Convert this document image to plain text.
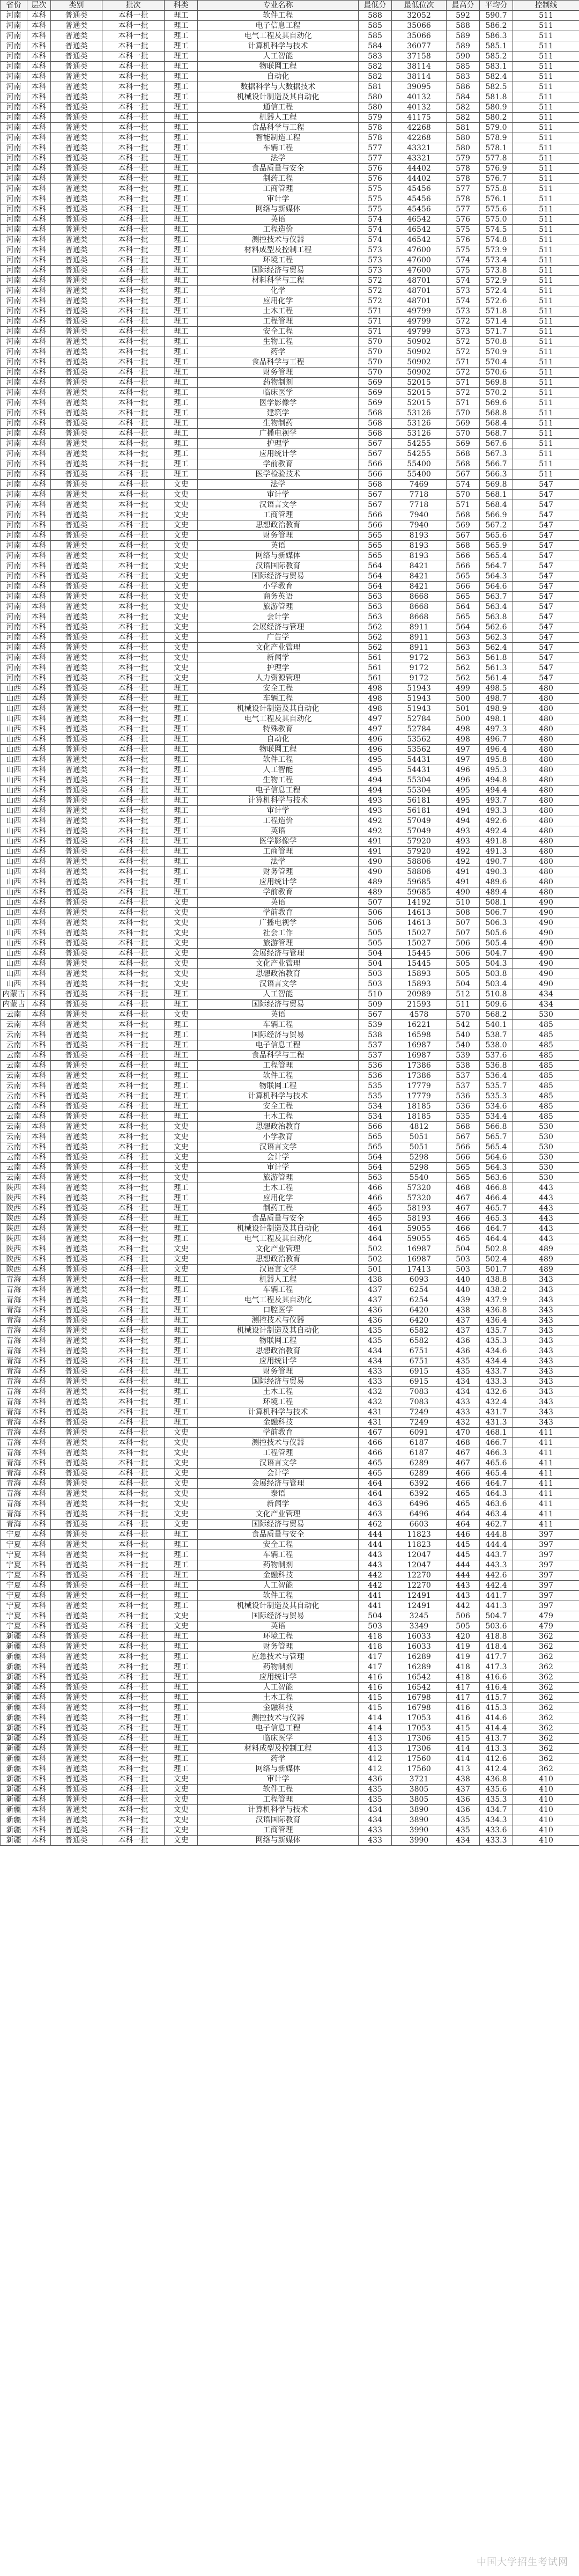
省份	层次	类别	批次	科类	专业名称	最低分	最低位次	最高分	平均分	控制线
河南	本科	普通类	本科一批	理工	软件工程	588	32052	592	590.7	511
河南	本科	普通类	本科一批	理工	电子信息工程	585	35066	588	586.2	511
河南	本科	普通类	本科一批	理工	电气工程及其自动化	585	35066	589	586.3	511
河南	本科	普通类	本科一批	理工	计算机科学与技术	584	36077	589	585.1	511
河南	本科	普通类	本科一批	理工	人工智能	583	37158	590	585.2	511
河南	本科	普通类	本科一批	理工	物联网工程	582	38114	585	583.1	511
河南	本科	普通类	本科一批	理工	自动化	582	38114	583	582.4	511
河南	本科	普通类	本科一批	理工	数据科学与大数据技术	581	39095	586	582.5	511
河南	本科	普通类	本科一批	理工	机械设计制造及其自动化	580	40132	584	581.8	511
河南	本科	普通类	本科一批	理工	通信工程	580	40132	582	580.9	511
河南	本科	普通类	本科一批	理工	机器人工程	579	41175	582	580.2	511
河南	本科	普通类	本科一批	理工	食品科学与工程	578	42268	581	579.0	511
河南	本科	普通类	本科一批	理工	智能制造工程	578	42268	580	578.9	511
河南	本科	普通类	本科一批	理工	车辆工程	577	43321	580	578.1	511
河南	本科	普通类	本科一批	理工	法学	577	43321	579	577.8	511
河南	本科	普通类	本科一批	理工	食品质量与安全	576	44402	578	576.9	511
河南	本科	普通类	本科一批	理工	制药工程	576	44402	578	576.7	511
河南	本科	普通类	本科一批	理工	工商管理	575	45456	577	575.8	511
河南	本科	普通类	本科一批	理工	审计学	575	45456	578	576.1	511
河南	本科	普通类	本科一批	理工	网络与新媒体	575	45456	577	575.6	511
河南	本科	普通类	本科一批	理工	英语	574	46542	576	575.0	511
河南	本科	普通类	本科一批	理工	工程造价	574	46542	575	574.5	511
河南	本科	普通类	本科一批	理工	测控技术与仪器	574	46542	576	574.8	511
河南	本科	普通类	本科一批	理工	材料成型及控制工程	573	47600	575	573.9	511
河南	本科	普通类	本科一批	理工	环境工程	573	47600	574	573.4	511
河南	本科	普通类	本科一批	理工	国际经济与贸易	573	47600	575	573.8	511
河南	本科	普通类	本科一批	理工	材料科学与工程	572	48701	574	572.9	511
河南	本科	普通类	本科一批	理工	化学	572	48701	573	572.4	511
河南	本科	普通类	本科一批	理工	应用化学	572	48701	574	572.6	511
河南	本科	普通类	本科一批	理工	土木工程	571	49799	573	571.8	511
河南	本科	普通类	本科一批	理工	工程管理	571	49799	572	571.4	511
河南	本科	普通类	本科一批	理工	安全工程	571	49799	573	571.7	511
河南	本科	普通类	本科一批	理工	生物工程	570	50902	572	570.8	511
河南	本科	普通类	本科一批	理工	药学	570	50902	572	570.9	511
河南	本科	普通类	本科一批	理工	食品科学与工程	570	50902	571	570.4	511
河南	本科	普通类	本科一批	理工	财务管理	570	50902	572	570.6	511
河南	本科	普通类	本科一批	理工	药物制剂	569	52015	571	569.8	511
河南	本科	普通类	本科一批	理工	临床医学	569	52015	572	570.2	511
河南	本科	普通类	本科一批	理工	医学影像学	569	52015	571	569.6	511
河南	本科	普通类	本科一批	理工	建筑学	568	53126	570	568.8	511
河南	本科	普通类	本科一批	理工	生物制药	568	53126	569	568.4	511
河南	本科	普通类	本科一批	理工	广播电视学	568	53126	570	568.7	511
河南	本科	普通类	本科一批	理工	护理学	567	54255	569	567.6	511
河南	本科	普通类	本科一批	理工	应用统计学	567	54255	568	567.3	511
河南	本科	普通类	本科一批	理工	学前教育	566	55400	568	566.7	511
河南	本科	普通类	本科一批	理工	医学检验技术	566	55400	567	566.3	511
河南	本科	普通类	本科一批	文史	法学	568	7469	574	569.8	547
河南	本科	普通类	本科一批	文史	审计学	567	7718	570	568.1	547
河南	本科	普通类	本科一批	文史	汉语言文学	567	7718	571	568.4	547
河南	本科	普通类	本科一批	文史	工商管理	566	7940	568	566.9	547
河南	本科	普通类	本科一批	文史	思想政治教育	566	7940	569	567.2	547
河南	本科	普通类	本科一批	文史	财务管理	565	8193	567	565.6	547
河南	本科	普通类	本科一批	文史	英语	565	8193	568	565.9	547
河南	本科	普通类	本科一批	文史	网络与新媒体	565	8193	566	565.4	547
河南	本科	普通类	本科一批	文史	汉语国际教育	564	8421	566	564.7	547
河南	本科	普通类	本科一批	文史	国际经济与贸易	564	8421	565	564.3	547
河南	本科	普通类	本科一批	文史	小学教育	564	8421	566	564.6	547
河南	本科	普通类	本科一批	文史	商务英语	563	8668	565	563.7	547
河南	本科	普通类	本科一批	文史	旅游管理	563	8668	564	563.4	547
河南	本科	普通类	本科一批	文史	会计学	563	8668	565	563.8	547
河南	本科	普通类	本科一批	文史	会展经济与管理	562	8911	564	562.6	547
河南	本科	普通类	本科一批	文史	广告学	562	8911	563	562.3	547
河南	本科	普通类	本科一批	文史	文化产业管理	562	8911	563	562.4	547
河南	本科	普通类	本科一批	文史	新闻学	561	9172	563	561.8	547
河南	本科	普通类	本科一批	文史	护理学	561	9172	562	561.3	547
河南	本科	普通类	本科一批	文史	人力资源管理	561	9172	562	561.4	547
山西	本科	普通类	本科一批	理工	安全工程	498	51943	499	498.5	480
山西	本科	普通类	本科一批	理工	车辆工程	498	51943	500	498.7	480
山西	本科	普通类	本科一批	理工	机械设计制造及其自动化	498	51943	501	498.9	480
山西	本科	普通类	本科一批	理工	电气工程及其自动化	497	52784	500	498.1	480
山西	本科	普通类	本科一批	理工	特殊教育	497	52784	498	497.3	480
山西	本科	普通类	本科一批	理工	自动化	496	53562	498	496.7	480
山西	本科	普通类	本科一批	理工	物联网工程	496	53562	497	496.4	480
山西	本科	普通类	本科一批	理工	软件工程	495	54431	497	495.8	480
山西	本科	普通类	本科一批	理工	人工智能	495	54431	496	495.3	480
山西	本科	普通类	本科一批	理工	生物工程	494	55304	496	494.8	480
山西	本科	普通类	本科一批	理工	电子信息工程	494	55304	495	494.4	480
山西	本科	普通类	本科一批	理工	计算机科学与技术	493	56181	495	493.7	480
山西	本科	普通类	本科一批	理工	审计学	493	56181	494	493.3	480
山西	本科	普通类	本科一批	理工	工程造价	492	57049	494	492.6	480
山西	本科	普通类	本科一批	理工	英语	492	57049	493	492.4	480
山西	本科	普通类	本科一批	理工	医学影像学	491	57920	493	491.8	480
山西	本科	普通类	本科一批	理工	工商管理	491	57920	492	491.3	480
山西	本科	普通类	本科一批	理工	法学	490	58806	492	490.7	480
山西	本科	普通类	本科一批	理工	财务管理	490	58806	491	490.3	480
山西	本科	普通类	本科一批	理工	应用统计学	489	59685	491	489.6	480
山西	本科	普通类	本科一批	理工	学前教育	489	59685	490	489.4	480
山西	本科	普通类	本科一批	文史	英语	507	14192	510	508.1	490
山西	本科	普通类	本科一批	文史	学前教育	506	14613	508	506.7	490
山西	本科	普通类	本科一批	文史	广播电视学	506	14613	507	506.3	490
山西	本科	普通类	本科一批	文史	社会工作	505	15027	507	505.6	490
山西	本科	普通类	本科一批	文史	旅游管理	505	15027	506	505.4	490
山西	本科	普通类	本科一批	文史	会展经济与管理	504	15445	506	504.7	490
山西	本科	普通类	本科一批	文史	文化产业管理	504	15445	505	504.3	490
山西	本科	普通类	本科一批	文史	思想政治教育	503	15893	505	503.8	490
山西	本科	普通类	本科一批	文史	汉语言文学	503	15893	504	503.4	490
内蒙古	本科	普通类	本科一批	理工	人工智能	510	20989	512	510.8	434
内蒙古	本科	普通类	本科一批	理工	国际经济与贸易	509	21593	511	509.6	434
云南	本科	普通类	本科一批	文史	英语	567	4578	570	568.2	530
云南	本科	普通类	本科一批	理工	车辆工程	539	16221	542	540.1	485
云南	本科	普通类	本科一批	理工	国际经济与贸易	538	16598	540	538.7	485
云南	本科	普通类	本科一批	理工	电子信息工程	537	16987	540	538.0	485
云南	本科	普通类	本科一批	理工	食品科学与工程	537	16987	539	537.6	485
云南	本科	普通类	本科一批	理工	工程管理	536	17386	538	536.8	485
云南	本科	普通类	本科一批	理工	软件工程	536	17386	537	536.4	485
云南	本科	普通类	本科一批	理工	物联网工程	535	17779	537	535.7	485
云南	本科	普通类	本科一批	理工	计算机科学与技术	535	17779	536	535.3	485
云南	本科	普通类	本科一批	理工	安全工程	534	18185	536	534.6	485
云南	本科	普通类	本科一批	理工	土木工程	534	18185	535	534.4	485
云南	本科	普通类	本科一批	文史	思想政治教育	566	4812	568	566.8	530
云南	本科	普通类	本科一批	文史	小学教育	565	5051	567	565.7	530
云南	本科	普通类	本科一批	文史	汉语言文学	565	5051	566	565.4	530
云南	本科	普通类	本科一批	文史	会计学	564	5298	566	564.6	530
云南	本科	普通类	本科一批	文史	审计学	564	5298	565	564.3	530
云南	本科	普通类	本科一批	文史	旅游管理	563	5540	565	563.6	530
陕西	本科	普通类	本科一批	理工	土木工程	466	57320	468	466.8	443
陕西	本科	普通类	本科一批	理工	应用化学	466	57320	467	466.4	443
陕西	本科	普通类	本科一批	理工	制药工程	465	58193	467	465.7	443
陕西	本科	普通类	本科一批	理工	食品质量与安全	465	58193	466	465.3	443
陕西	本科	普通类	本科一批	理工	机械设计制造及其自动化	464	59055	466	464.7	443
陕西	本科	普通类	本科一批	理工	电气工程及其自动化	464	59055	465	464.4	443
陕西	本科	普通类	本科一批	文史	文化产业管理	502	16987	504	502.8	489
陕西	本科	普通类	本科一批	文史	思想政治教育	502	16987	503	502.4	489
陕西	本科	普通类	本科一批	文史	汉语言文学	501	17413	503	501.7	489
青海	本科	普通类	本科一批	理工	机器人工程	438	6093	440	438.8	343
青海	本科	普通类	本科一批	理工	车辆工程	437	6254	440	438.2	343
青海	本科	普通类	本科一批	理工	电气工程及其自动化	437	6254	439	437.9	343
青海	本科	普通类	本科一批	理工	口腔医学	436	6420	438	436.8	343
青海	本科	普通类	本科一批	理工	测控技术与仪器	436	6420	437	436.4	343
青海	本科	普通类	本科一批	理工	机械设计制造及其自动化	435	6582	437	435.7	343
青海	本科	普通类	本科一批	理工	物联网工程	435	6582	436	435.3	343
青海	本科	普通类	本科一批	理工	思想政治教育	434	6751	436	434.6	343
青海	本科	普通类	本科一批	理工	应用统计学	434	6751	435	434.4	343
青海	本科	普通类	本科一批	理工	财务管理	433	6915	435	433.7	343
青海	本科	普通类	本科一批	理工	国际经济与贸易	433	6915	434	433.3	343
青海	本科	普通类	本科一批	理工	土木工程	432	7083	434	432.6	343
青海	本科	普通类	本科一批	理工	环境工程	432	7083	433	432.4	343
青海	本科	普通类	本科一批	理工	计算机科学与技术	431	7249	433	431.7	343
青海	本科	普通类	本科一批	理工	金融科技	431	7249	432	431.3	343
青海	本科	普通类	本科一批	文史	学前教育	467	6091	470	468.1	411
青海	本科	普通类	本科一批	文史	测控技术与仪器	466	6187	468	466.7	411
青海	本科	普通类	本科一批	文史	工程管理	466	6187	467	466.3	411
青海	本科	普通类	本科一批	文史	汉语言文学	465	6289	467	465.6	411
青海	本科	普通类	本科一批	文史	会计学	465	6289	466	465.4	411
青海	本科	普通类	本科一批	文史	会展经济与管理	464	6392	466	464.7	411
青海	本科	普通类	本科一批	文史	泰语	464	6392	465	464.3	411
青海	本科	普通类	本科一批	文史	新闻学	463	6496	465	463.6	411
青海	本科	普通类	本科一批	文史	文化产业管理	463	6496	464	463.4	411
青海	本科	普通类	本科一批	文史	国际经济与贸易	462	6603	464	462.7	411
宁夏	本科	普通类	本科一批	理工	食品质量与安全	444	11823	446	444.8	397
宁夏	本科	普通类	本科一批	理工	安全工程	444	11823	445	444.4	397
宁夏	本科	普通类	本科一批	理工	车辆工程	443	12047	445	443.7	397
宁夏	本科	普通类	本科一批	理工	药物制剂	443	12047	444	443.3	397
宁夏	本科	普通类	本科一批	理工	金融科技	442	12270	444	442.6	397
宁夏	本科	普通类	本科一批	理工	人工智能	442	12270	443	442.4	397
宁夏	本科	普通类	本科一批	理工	软件工程	441	12491	443	441.7	397
宁夏	本科	普通类	本科一批	理工	机械设计制造及其自动化	441	12491	442	441.3	397
宁夏	本科	普通类	本科一批	文史	国际经济与贸易	504	3245	506	504.7	479
宁夏	本科	普通类	本科一批	文史	英语	503	3349	505	503.6	479
新疆	本科	普通类	本科一批	理工	环境工程	418	16033	420	418.8	362
新疆	本科	普通类	本科一批	理工	财务管理	418	16033	419	418.4	362
新疆	本科	普通类	本科一批	理工	应急技术与管理	417	16289	419	417.7	362
新疆	本科	普通类	本科一批	理工	药物制剂	417	16289	418	417.3	362
新疆	本科	普通类	本科一批	理工	应用统计学	416	16542	418	416.6	362
新疆	本科	普通类	本科一批	理工	人工智能	416	16542	417	416.4	362
新疆	本科	普通类	本科一批	理工	土木工程	415	16798	417	415.7	362
新疆	本科	普通类	本科一批	理工	金融科技	415	16798	416	415.3	362
新疆	本科	普通类	本科一批	理工	测控技术与仪器	414	17053	416	414.6	362
新疆	本科	普通类	本科一批	理工	电子信息工程	414	17053	415	414.4	362
新疆	本科	普通类	本科一批	理工	临床医学	413	17306	415	413.7	362
新疆	本科	普通类	本科一批	理工	材料成型及控制工程	413	17306	414	413.3	362
新疆	本科	普通类	本科一批	理工	药学	412	17560	414	412.6	362
新疆	本科	普通类	本科一批	理工	网络与新媒体	412	17560	413	412.4	362
新疆	本科	普通类	本科一批	文史	审计学	436	3721	438	436.8	410
新疆	本科	普通类	本科一批	文史	软件工程	435	3805	437	435.6	410
新疆	本科	普通类	本科一批	文史	工程管理	435	3805	436	435.3	410
新疆	本科	普通类	本科一批	文史	计算机科学与技术	434	3890	436	434.7	410
新疆	本科	普通类	本科一批	文史	汉语国际教育	434	3890	435	434.3	410
新疆	本科	普通类	本科一批	文史	工商管理	433	3990	435	433.6	410
新疆	本科	普通类	本科一批	文史	网络与新媒体	433	3990	434	433.3	410
中国大学招生考试网
